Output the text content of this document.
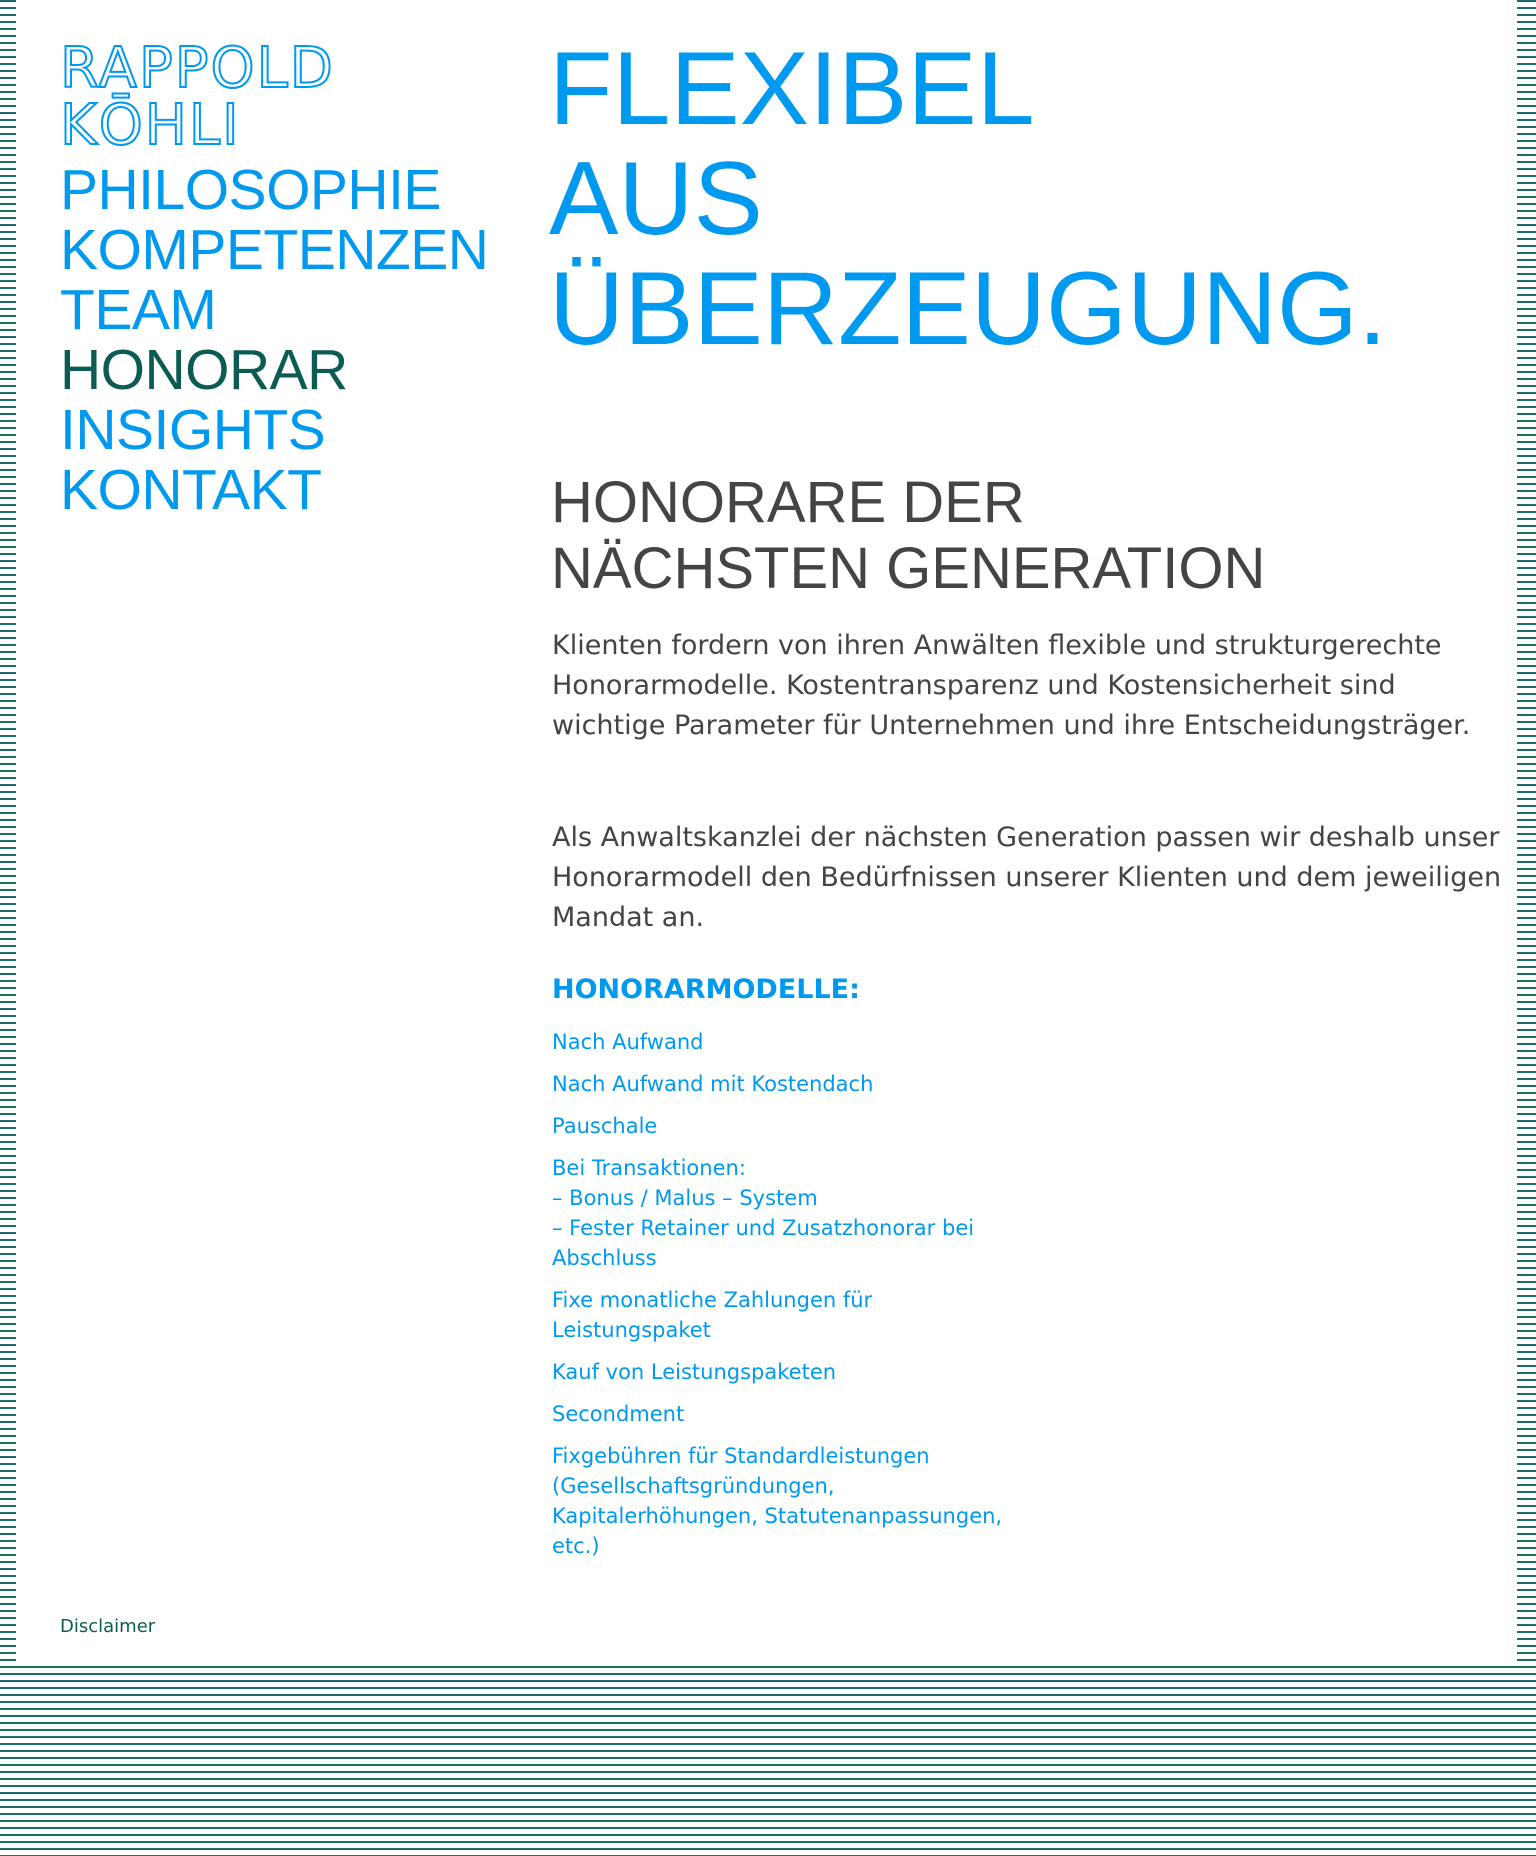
RAPPOLD
KŌHLI
PHILOSOPHIE
KOMPETENZEN
TEAM
HONORAR
INSIGHTS
KONTAKT
FLEXIBEL
AUS
ÜBERZEUGUNG.
HONORARE DER
NÄCHSTEN GENERATION

Klienten fordern von ihren Anwälten flexible und strukturgerechte Honorarmodelle. Kostentransparenz und Kostensicherheit sind wichtige Parameter für Unternehmen und ihre Entscheidungsträger.

Als Anwaltskanzlei der nächsten Generation passen wir deshalb unser Honorarmodell den Bedürfnissen unserer Klienten und dem jeweiligen Mandat an.

HONORARMODELLE:
Nach Aufwand
Nach Aufwand mit Kostendach
Pauschale
Bei Transaktionen:
– Bonus / Malus – System
– Fester Retainer und Zusatzhonorar bei Abschluss
Fixe monatliche Zahlungen für Leistungspaket
Kauf von Leistungspaketen
Secondment
Fixgebühren für Standardleistungen (Gesellschaftsgründungen, Kapitalerhöhungen, Statutenanpassungen, etc.)
Disclaimer
